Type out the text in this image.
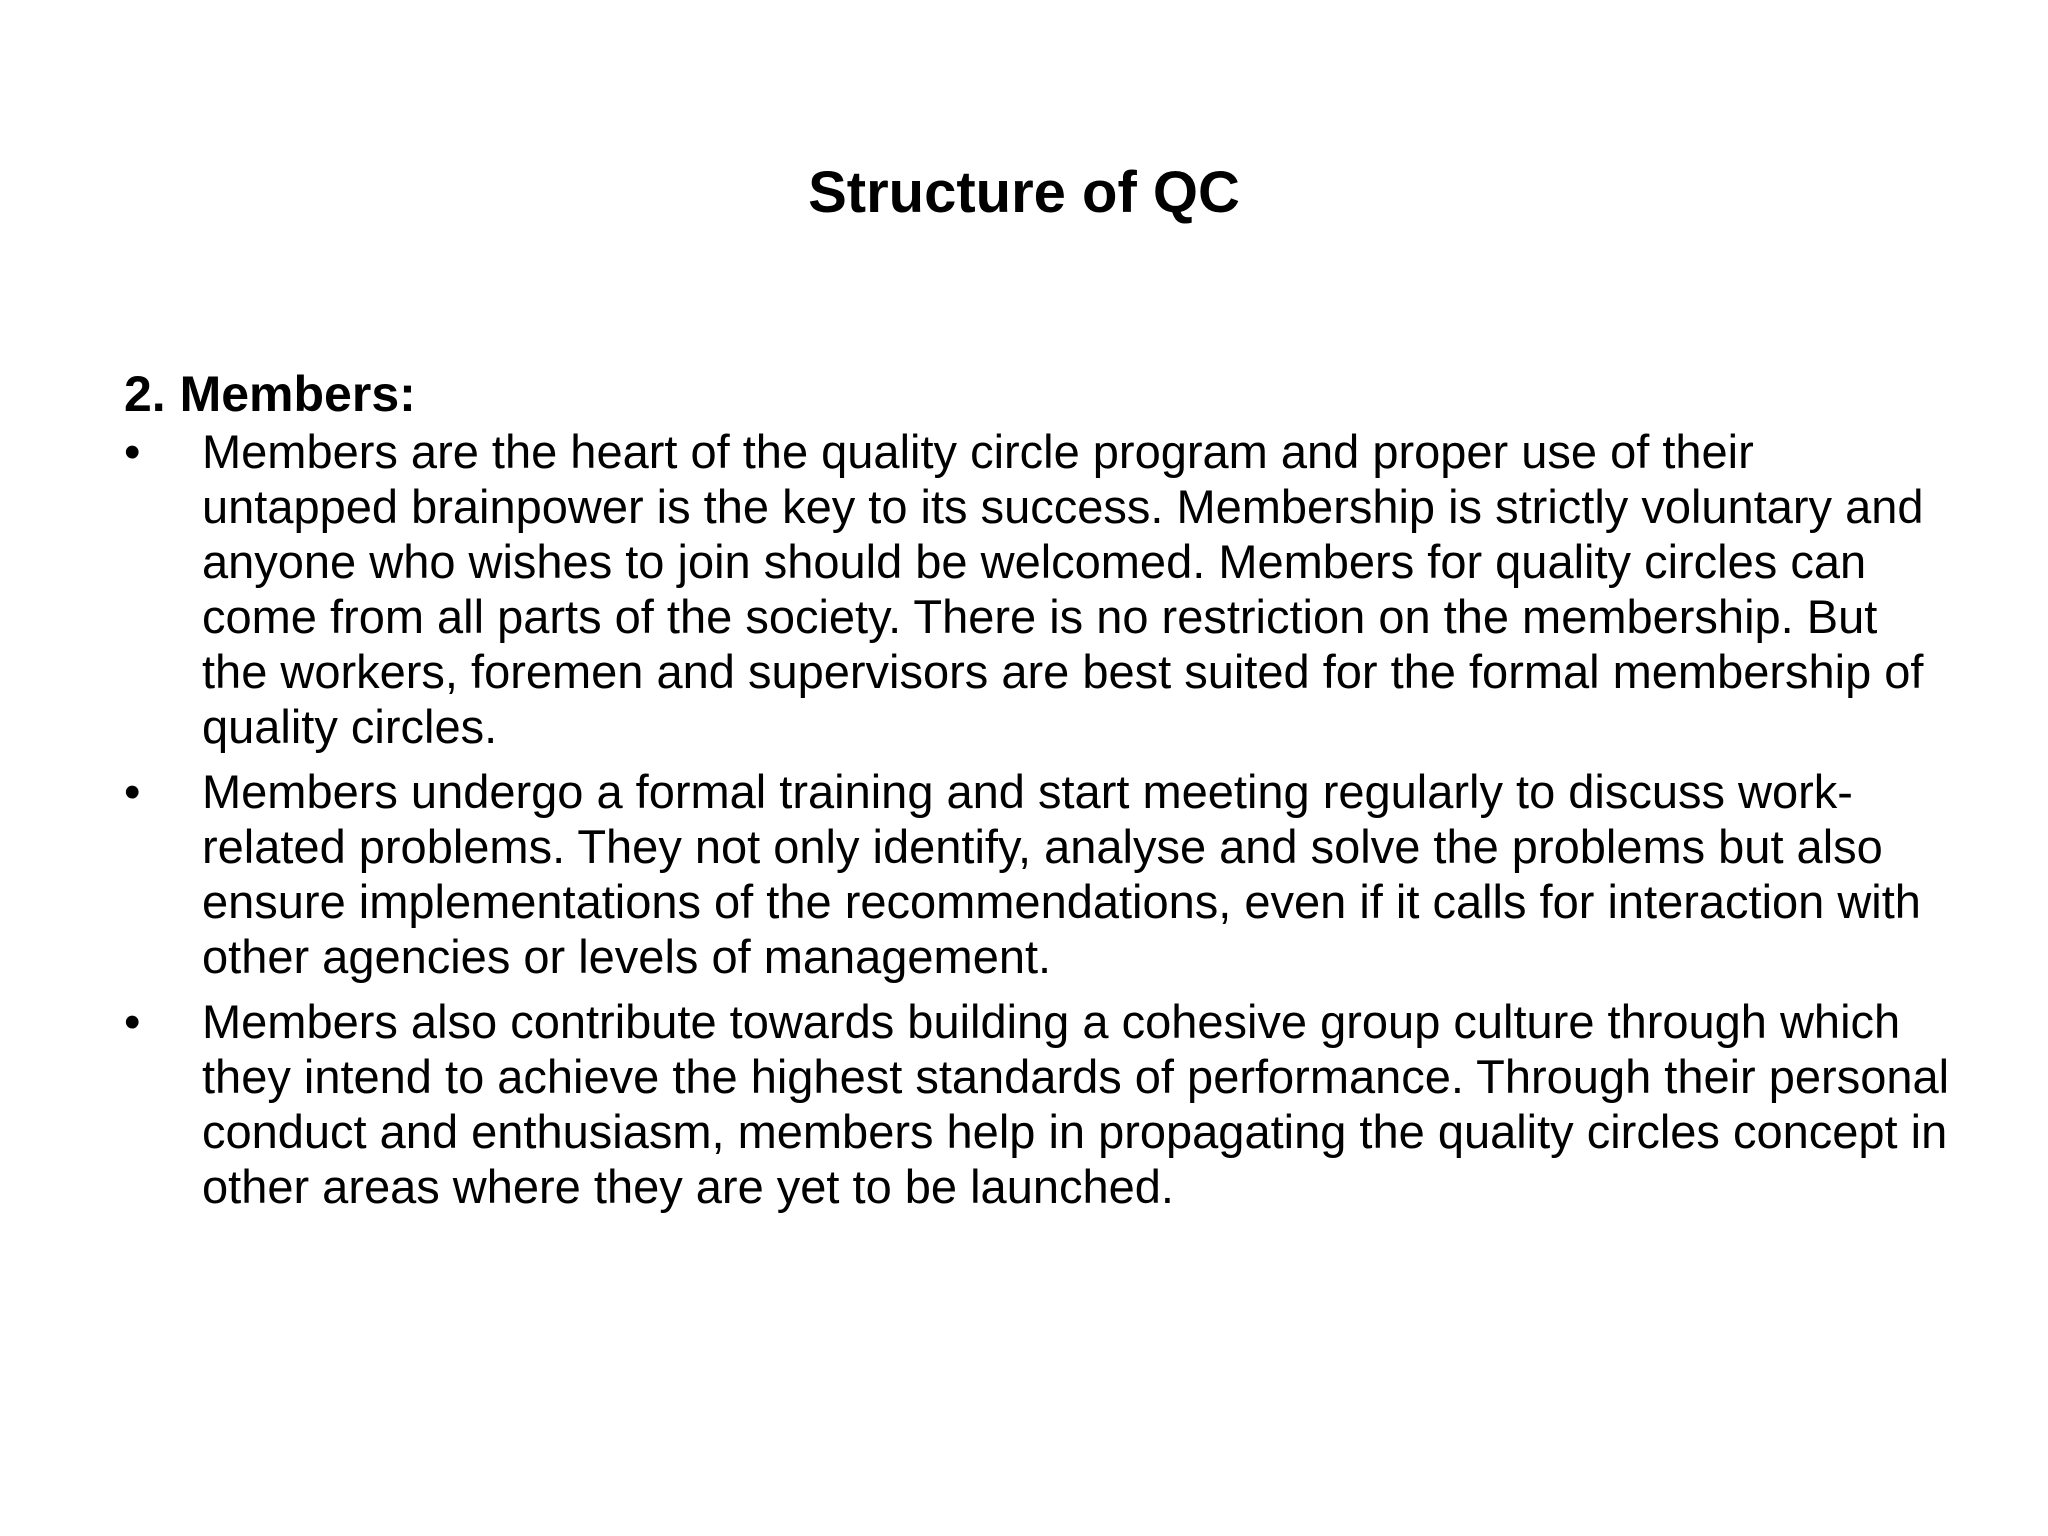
Structure of QC
2. Members:
•	Members are the heart of the quality circle program and proper use of their untapped brainpower is the key to its success. Membership is strictly voluntary and anyone who wishes to join should be welcomed. Members for quality circles can come from all parts of the society. There is no restriction on the membership. But the workers, foremen and supervisors are best suited for the formal membership of quality circles.
•	Members undergo a formal training and start meeting regularly to discuss work-related problems. They not only identify, analyse and solve the problems but also ensure implementations of the recommendations, even if it calls for interaction with other agencies or levels of management.
•	Members also contribute towards building a cohesive group culture through which they intend to achieve the highest standards of performance. Through their personal conduct and enthusiasm, members help in propagating the quality circles concept in other areas where they are yet to be launched.
